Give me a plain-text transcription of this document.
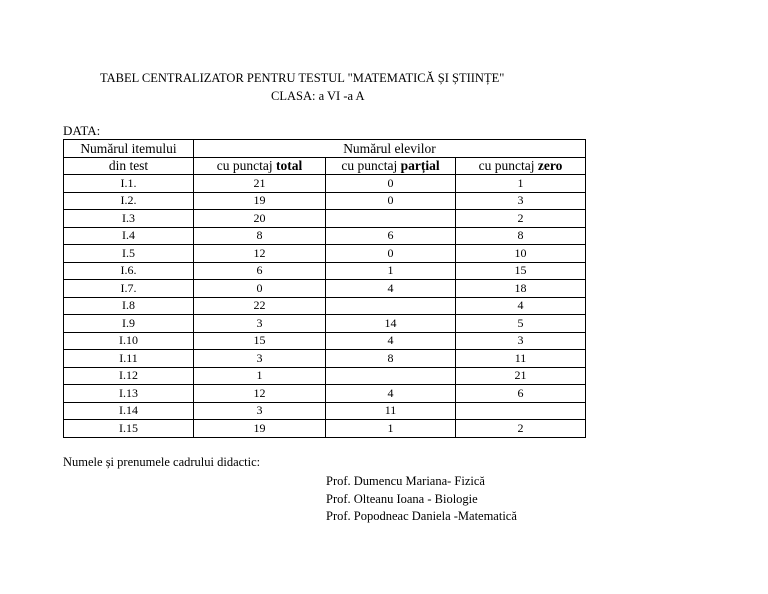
TABEL CENTRALIZATOR PENTRU TESTUL "MATEMATICĂ ȘI ȘTIINȚE"
CLASA: a VI -a A
DATA:
Numărul itemului	Numărul elevilor		
din test	cu punctaj total	cu punctaj parțial	cu punctaj zero
I.1.	21	0	1
I.2.	19	0	3
I.3	20		2
I.4	8	6	8
I.5	12	0	10
I.6.	6	1	15
I.7.	0	4	18
I.8	22		4
I.9	3	14	5
I.10	15	4	3
I.11	3	8	11
I.12	1		21
I.13	12	4	6
I.14	3	11	
I.15	19	1	2
Numele și prenumele cadrului didactic:
Prof. Dumencu Mariana- Fizică
Prof. Olteanu Ioana - Biologie
Prof. Popodneac Daniela -Matematică
